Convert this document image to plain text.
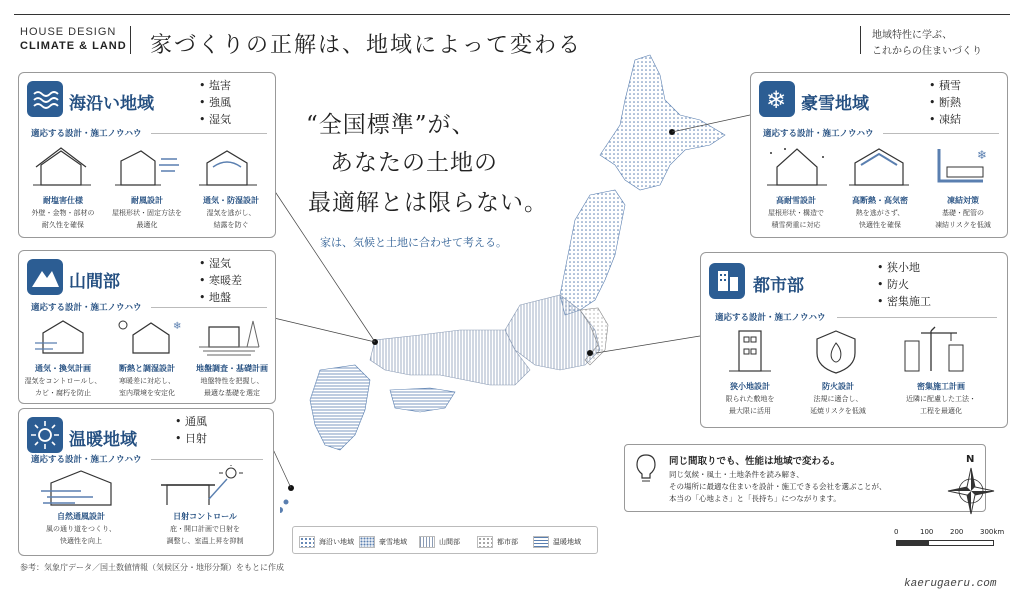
HOUSE DESIGN
CLIMATE & LAND 家づくりの正解は、地域によって変わる	地域特性に学ぶ、
これからの住まいづくり
“全国標準”が、
あなたの土地の
最適解とは限らない。
家は、気候と土地に合わせて考える。
海沿い地域
• 塩害
• 強風
• 湿気
適応する設計・施工ノウハウ
耐塩害仕様
外壁・金物・部材の
耐久性を確保
耐風設計
屋根形状・固定方法を
最適化
通気・防湿設計
湿気を逃がし、
結露を防ぐ
山間部
• 湿気
• 寒暖差
• 地盤
適応する設計・施工ノウハウ
❄
通気・換気計画
湿気をコントロールし、
カビ・腐朽を防止
断熱と調湿設計
寒暖差に対応し、
室内環境を安定化
地盤調査・基礎計画
地盤特性を把握し、
最適な基礎を選定
温暖地域
• 通風
• 日射
適応する設計・施工ノウハウ
自然通風設計
風の通り道をつくり、
快適性を向上
日射コントロール
庇・開口計画で日射を
調整し、室温上昇を抑制
❄ 豪雪地域
• 積雪
• 断熱
• 凍結
適応する設計・施工ノウハウ
❄
高耐雪設計
屋根形状・構造で
積雪荷重に対応
高断熱・高気密
熱を逃がさず、
快適性を確保
凍結対策
基礎・配管の
凍結リスクを低減
都市部
• 狭小地
• 防火
• 密集施工
適応する設計・施工ノウハウ
狭小地設計
限られた敷地を
最大限に活用
防火設計
法規に適合し、
延焼リスクを低減
密集施工計画
近隣に配慮した工法・
工程を最適化
同じ間取りでも、性能は地域で変わる。
同じ気候・風土・土地条件を読み解き、
その場所に最適な住まいを設計・施工できる会社を選ぶことが、
本当の「心地よさ」と「長持ち」につながります。
N
0	100 200 300km
海沿い地域	豪雪地域	山間部	都市部	温暖地域
参考：気象庁データ／国土数値情報（気候区分・地形分類）をもとに作成
kaerugaeru.com
